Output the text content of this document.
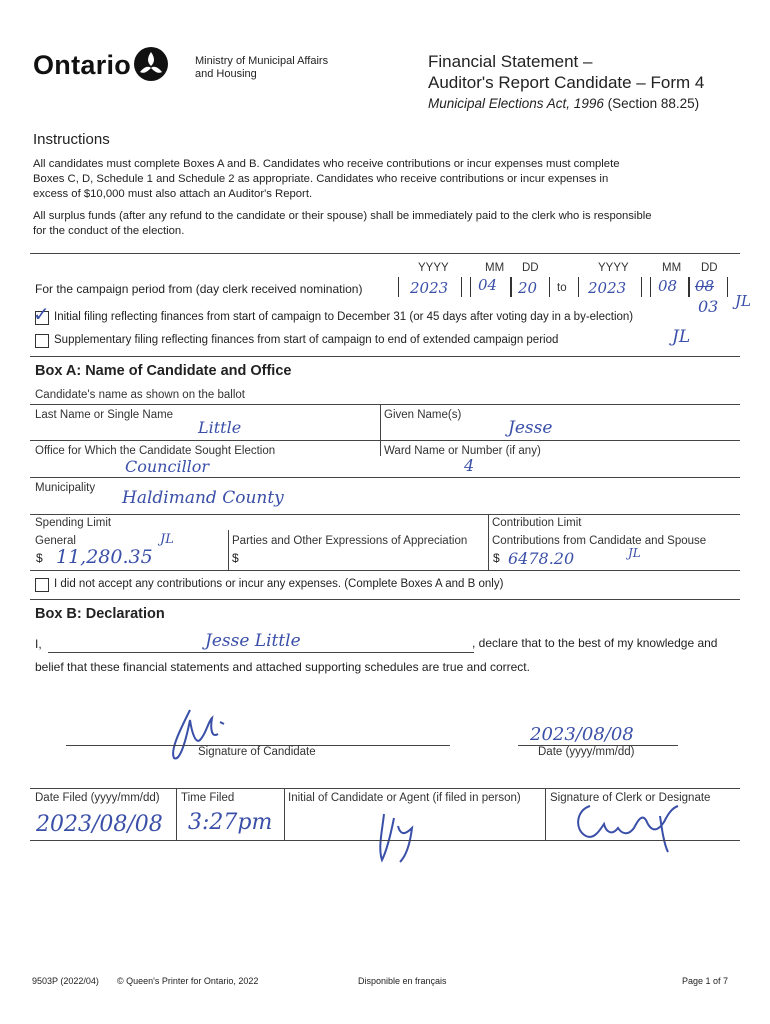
Ontario	Ministry of Municipal Affairs
and Housing
Financial Statement –
Auditor's Report Candidate – Form 4
Municipal Elections Act, 1996 (Section 88.25)
Instructions
All candidates must complete Boxes A and B. Candidates who receive contributions or incur expenses must complete
Boxes C, D, Schedule 1 and Schedule 2 as appropriate. Candidates who receive contributions or incur expenses in
excess of $10,000 must also attach an Auditor's Report.
All surplus funds (after any refund to the candidate or their spouse) shall be immediately paid to the clerk who is responsible
for the conduct of the election.
YYYY	MM DD	YYYY	MM DD
For the campaign period from (day clerk received nomination)	2023 04 20 to 2023 08 08
03 JL
✓ Initial filing reflecting finances from start of campaign to December 31 (or 45 days after voting day in a by-election)
Supplementary filing reflecting finances from start of campaign to end of extended campaign period	JL
Box A: Name of Candidate and Office
Candidate's name as shown on the ballot
Last Name or Single Name
Little
Given Name(s)
Jesse
Office for Which the Candidate Sought Election
Councillor
Ward Name or Number (if any)
4
Municipality Haldimand County
Spending Limit
General
$ 11,280.35
JL	Parties and Other Expressions of Appreciation
$
Contribution Limit
Contributions from Candidate and Spouse
$ 6478.20	JL
I did not accept any contributions or incur any expenses. (Complete Boxes A and B only)
Box B: Declaration
I,	Jesse Little	, declare that to the best of my knowledge and
belief that these financial statements and attached supporting schedules are true and correct.
Signature of Candidate
2023/08/08
Date (yyyy/mm/dd)
Date Filed (yyyy/mm/dd)
2023/08/08
Time Filed
3:27pm
Initial of Candidate or Agent (if filed in person)	Signature of Clerk or Designate
9503P (2022/04) © Queen's Printer for Ontario, 2022	Disponible en français	Page 1 of 7
